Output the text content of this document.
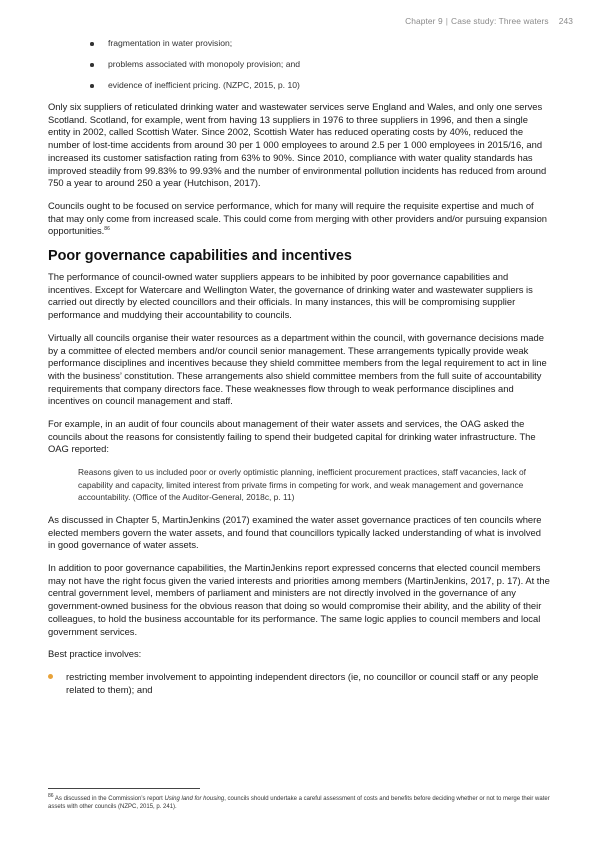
Chapter 9 | Case study: Three waters 243
fragmentation in water provision;
problems associated with monopoly provision; and
evidence of inefficient pricing. (NZPC, 2015, p. 10)

Only six suppliers of reticulated drinking water and wastewater services serve England and Wales, and only one serves Scotland. Scotland, for example, went from having 13 suppliers in 1976 to three suppliers in 1996, and then a single entity in 2002, called Scottish Water. Since 2002, Scottish Water has reduced operating costs by 40%, reduced the number of lost-time accidents from around 30 per 1 000 employees to around 2.5 per 1 000 employees in 2015/16, and increased its customer satisfaction rating from 63% to 90%. Since 2010, compliance with water quality standards has improved steadily from 99.83% to 99.93% and the number of environmental pollution incidents has reduced from around 750 a year to around 250 a year (Hutchison, 2017).

Councils ought to be focused on service performance, which for many will require the requisite expertise and much of that may only come from increased scale. This could come from merging with other providers and/or pursuing expansion opportunities.$^{86}$

Poor governance capabilities and incentives

The performance of council-owned water suppliers appears to be inhibited by poor governance capabilities and incentives. Except for Watercare and Wellington Water, the governance of drinking water and wastewater suppliers is carried out directly by elected councillors and their officials. In many instances, this will be compromising supplier performance and muddying their accountability to councils.

Virtually all councils organise their water resources as a department within the council, with governance decisions made by a committee of elected members and/or council senior management. These arrangements typically provide weak performance disciplines and incentives because they shield committee members from the legal requirement to act in line with the business’ constitution. These arrangements also shield committee members from the full suite of accountability requirements that company directors face. These weaknesses flow through to weak performance disciplines and incentives on council management and staff.

For example, in an audit of four councils about management of their water assets and services, the OAG asked the councils about the reasons for consistently failing to spend their budgeted capital for drinking water infrastructure. The OAG reported:

Reasons given to us included poor or overly optimistic planning, inefficient procurement practices, staff vacancies, lack of capability and capacity, limited interest from private firms in competing for work, and weak management and governance accountability. (Office of the Auditor-General, 2018c, p. 11)

As discussed in Chapter 5, MartinJenkins (2017) examined the water asset governance practices of ten councils where elected members govern the water assets, and found that councillors typically lacked understanding of what is involved in good governance of water assets.

In addition to poor governance capabilities, the MartinJenkins report expressed concerns that elected council members may not have the right focus given the varied interests and priorities among members (MartinJenkins, 2017, p. 17). At the central government level, members of parliament and ministers are not directly involved in the governance of any government-owned business for the obvious reason that doing so would compromise their ability, and the ability of their colleagues, to hold the business accountable for its performance. The same logic applies to council members and local government services.

Best practice involves:

restricting member involvement to appointing independent directors (ie, no councillor or council staff or any people related to them); and
$^{86}$ As discussed in the Commission’s report Using land for housing, councils should undertake a careful assessment of costs and benefits before deciding whether or not to merge their water assets with other councils (NZPC, 2015, p. 241).
